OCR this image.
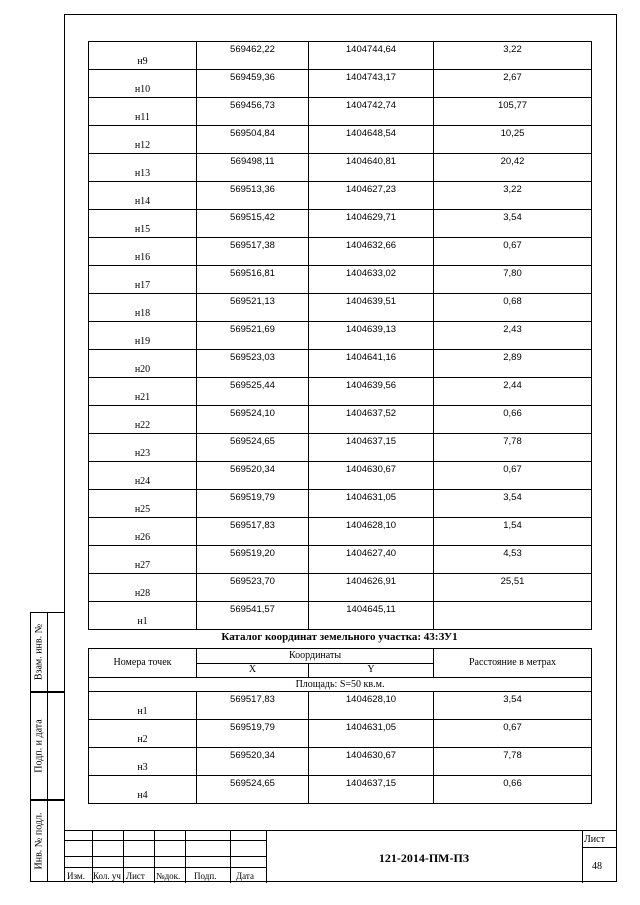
Взам. инв. №
Подп. и дата
Инв. № подл.
н9	569462,22	1404744,64	3,22

н10	569459,36	1404743,17	2,67

н11	569456,73	1404742,74	105,77

н12	569504,84	1404648,54	10,25

н13	569498,11	1404640,81	20,42

н14	569513,36	1404627,23	3,22

н15	569515,42	1404629,71	3,54

н16	569517,38	1404632,66	0,67

н17	569516,81	1404633,02	7,80

н18	569521,13	1404639,51	0,68

н19	569521,69	1404639,13	2,43

н20	569523,03	1404641,16	2,89

н21	569525,44	1404639,56	2,44

н22	569524,10	1404637,52	0,66

н23	569524,65	1404637,15	7,78

н24	569520,34	1404630,67	0,67

н25	569519,79	1404631,05	3,54

н26	569517,83	1404628,10	1,54

н27	569519,20	1404627,40	4,53

н28	569523,70	1404626,91	25,51

н1	569541,57	1404645,11	

Каталог координат земельного участка: 43:ЗУ1
Номера точек	Координаты		Расстояние в метрах
	X	Y	
Площадь: S=50 кв.м.			
н1	569517,83	1404628,10	3,54

н2	569519,79	1404631,05	0,67

н3	569520,34	1404630,67	7,78

н4	569524,65	1404637,15	0,66
Изм. Кол. уч Лист №док. Подп. Дата
Лист
48
121-2014-ПМ-ПЗ
